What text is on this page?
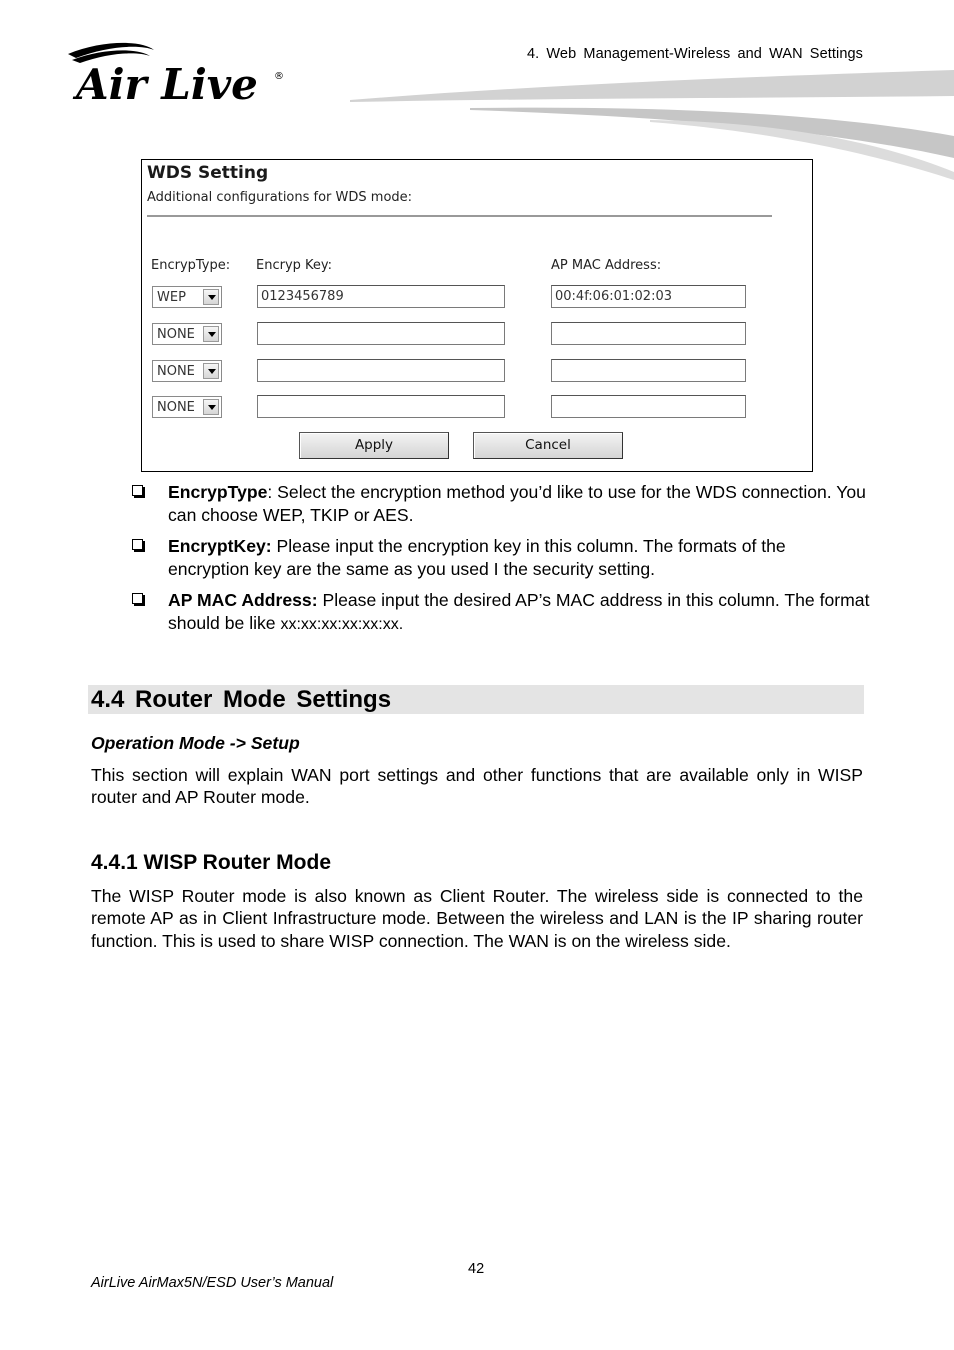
Air Live ®
4. Web Management-Wireless and WAN Settings
WDS Setting
Additional configurations for WDS mode:
EncrypType: Encryp Key:	AP MAC Address:
WEP	0123456789	00:4f:06:01:02:03
NONE
NONE
NONE
Apply	Cancel
EncrypType: Select the encryption method you’d like to use for the WDS connection. You can choose WEP, TKIP or AES.
EncryptKey: Please input the encryption key in this column. The formats of the encryption key are the same as you used I the security setting.
AP MAC Address: Please input the desired AP’s MAC address in this column. The format should be like xx:xx:xx:xx:xx:xx.
4.4 Router Mode Settings
Operation Mode -> Setup
This section will explain WAN port settings and other functions that are available only in WISP router and AP Router mode.
4.4.1 WISP Router Mode
The WISP Router mode is also known as Client Router. The wireless side is connected to the remote AP as in Client Infrastructure mode. Between the wireless and LAN is the IP sharing router function. This is used to share WISP connection. The WAN is on the wireless side.
42
AirLive AirMax5N/ESD User’s Manual
